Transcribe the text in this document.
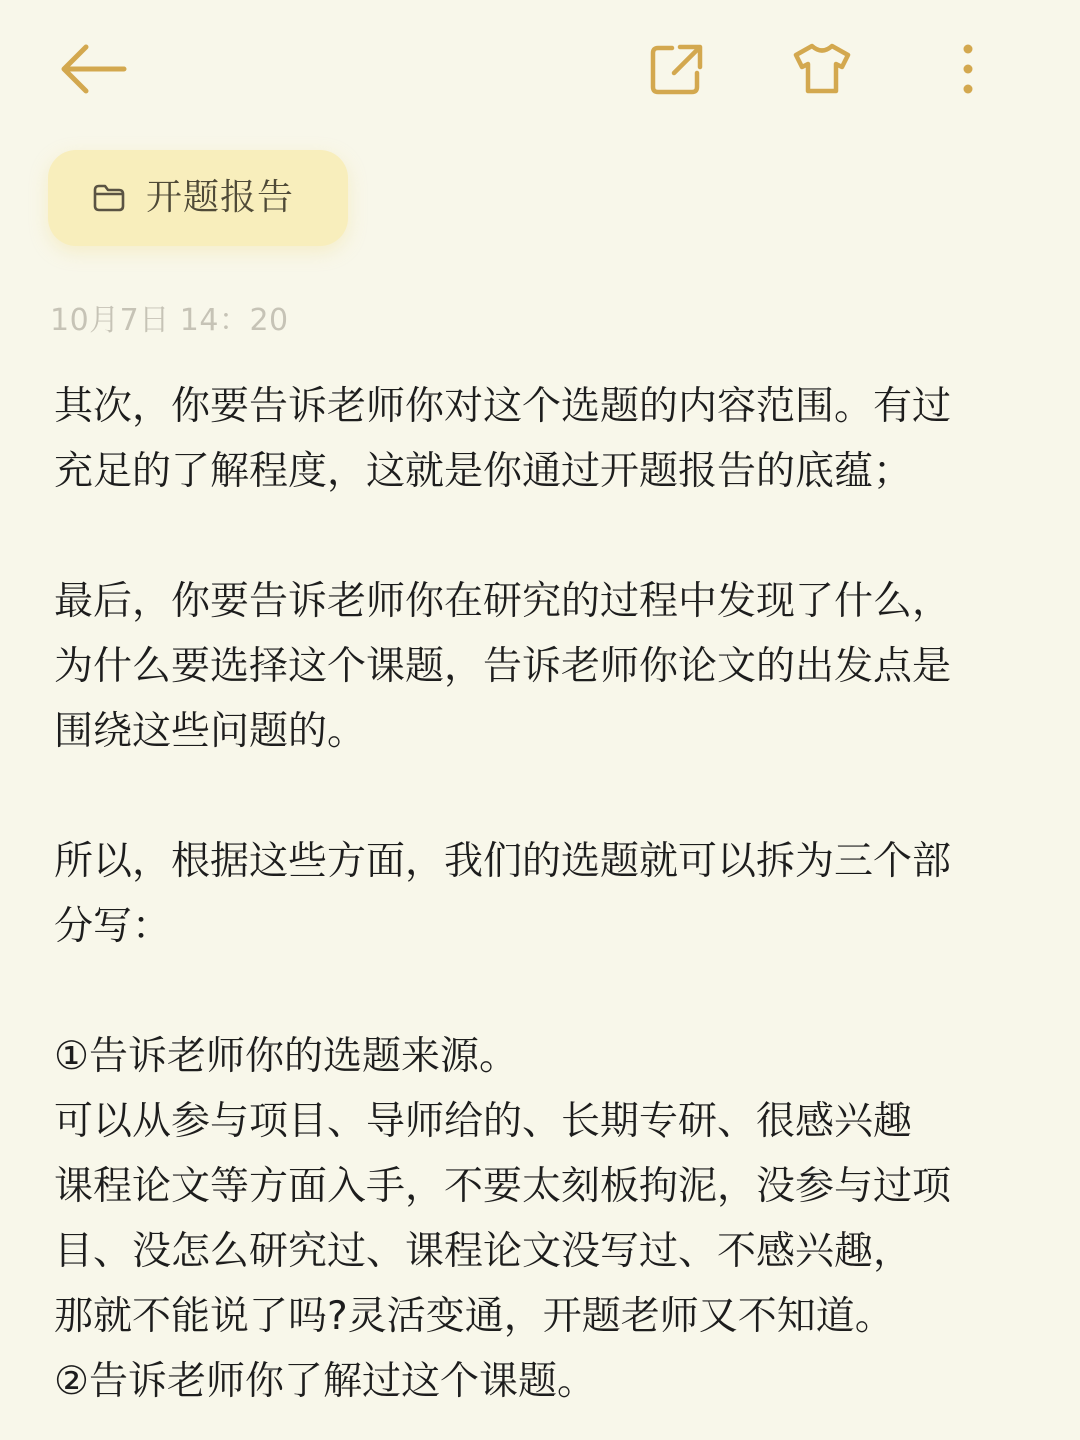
开题报告
10月7日 14：20
其次，你要告诉老师你对这个选题的内容范围。有过
充足的了解程度，这就是你通过开题报告的底蕴；
最后，你要告诉老师你在研究的过程中发现了什么，
为什么要选择这个课题，告诉老师你论文的出发点是
围绕这些问题的。
所以，根据这些方面，我们的选题就可以拆为三个部
分写：
①告诉老师你的选题来源。
可以从参与项目、导师给的、长期专研、很感兴趣
课程论文等方面入手，不要太刻板拘泥，没参与过项
目、没怎么研究过、课程论文没写过、不感兴趣，
那就不能说了吗?灵活变通，开题老师又不知道。
②告诉老师你了解过这个课题。
